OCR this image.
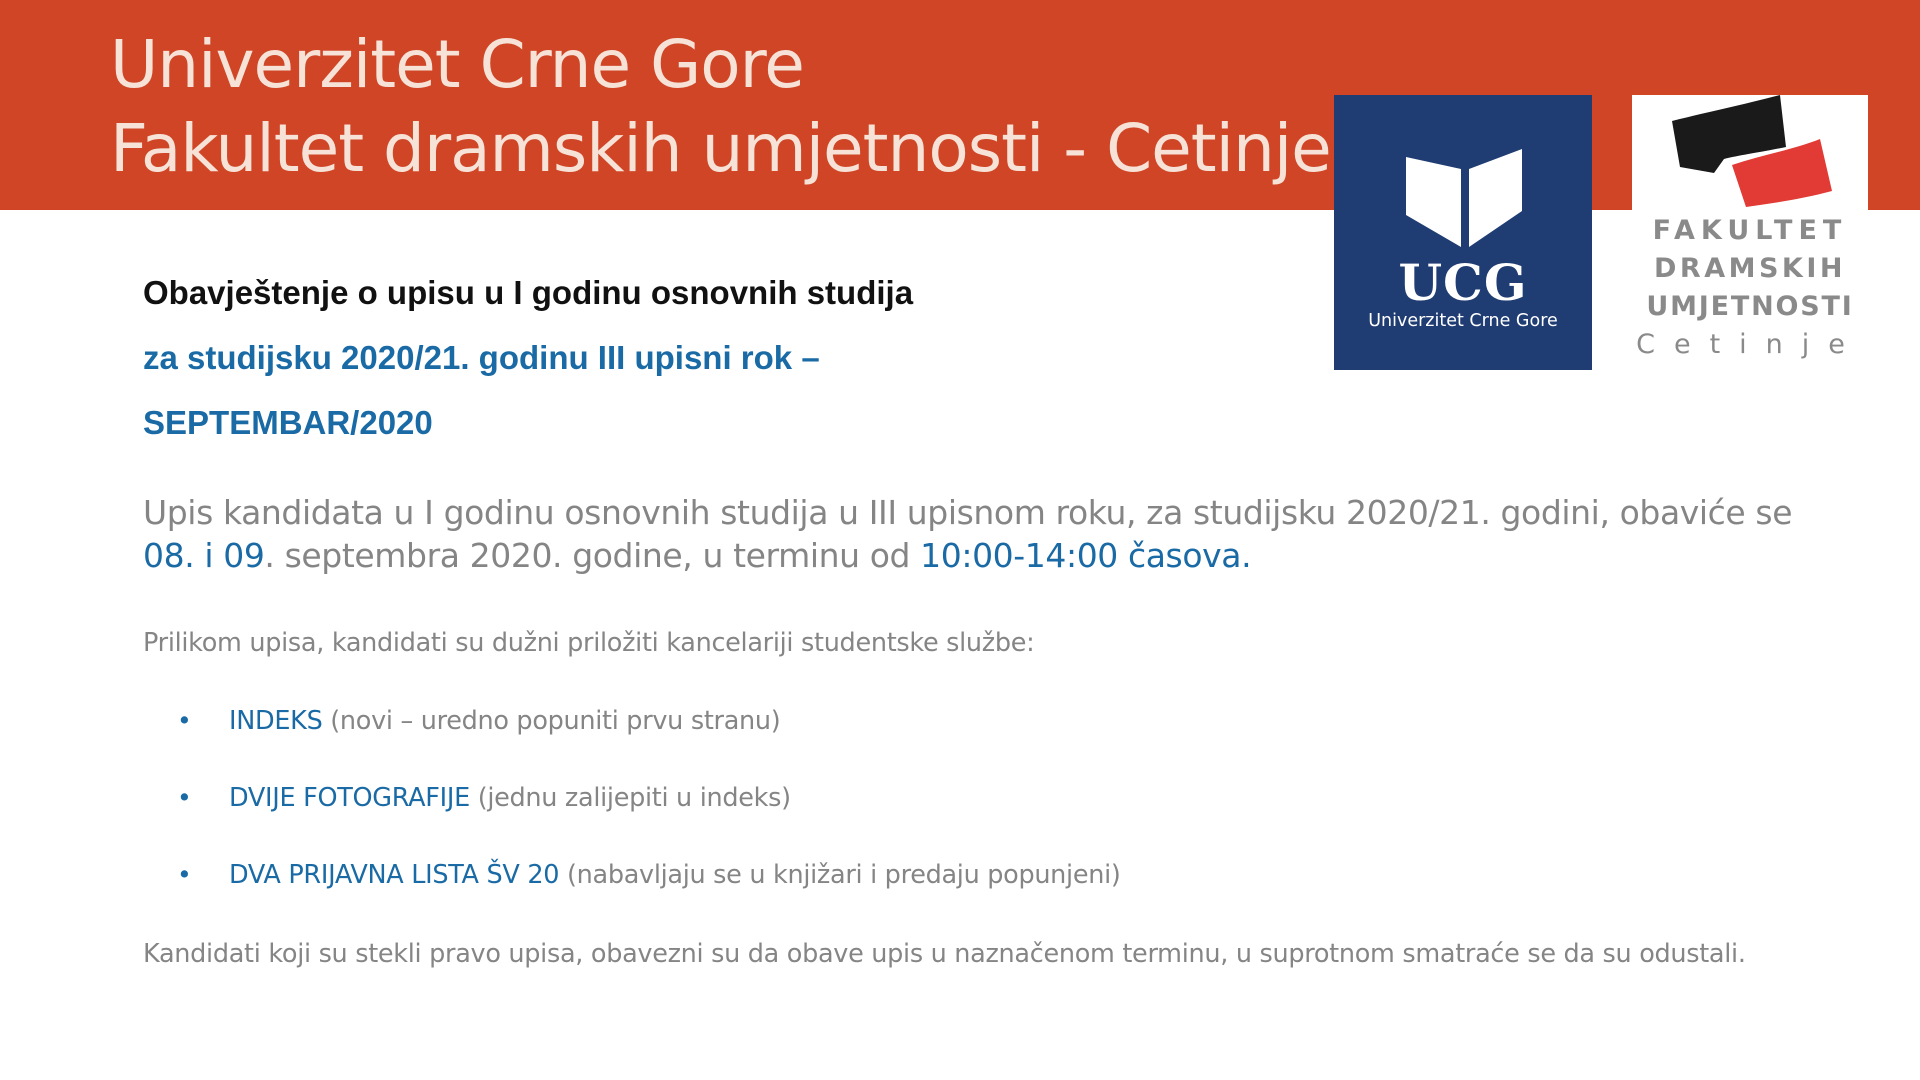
Univerzitet Crne Gore
Fakultet dramskih umjetnosti - Cetinje
UCG
Univerzitet Crne Gore
FAKULTET
DRAMSKIH
UMJETNOSTI
Cetinje
Obavještenje o upisu u I godinu osnovnih studija
za studijsku 2020/21. godinu III upisni rok –
SEPTEMBAR/2020
Upis kandidata u I godinu osnovnih studija u III upisnom roku, za studijsku 2020/21. godini, obaviće se 08. i 09. septembra 2020. godine, u terminu od 10:00-14:00 časova.
Prilikom upisa, kandidati su dužni priložiti kancelariji studentske službe:
• INDEKS (novi – uredno popuniti prvu stranu)
• DVIJE FOTOGRAFIJE (jednu zalijepiti u indeks)
• DVA PRIJAVNA LISTA ŠV 20 (nabavljaju se u knjižari i predaju popunjeni)
Kandidati koji su stekli pravo upisa, obavezni su da obave upis u naznačenom terminu, u suprotnom smatraće se da su odustali.
